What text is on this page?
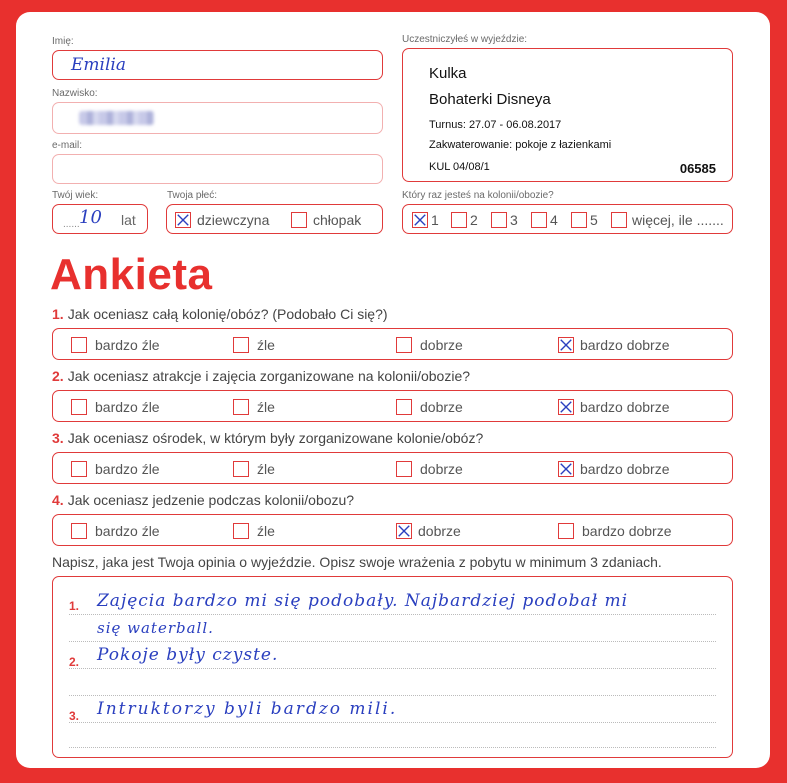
Imię:
Emilia
Nazwisko:
e-mail:
Twój wiek:
...... 10 lat
Twoja płeć:
dziewczyna	chłopak
Uczestniczyłeś w wyjeździe:
Kulka
Bohaterki Disneya
Turnus: 27.07 - 06.08.2017
Zakwaterowanie: pokoje z łazienkami
KUL 04/08/1	06585
Który raz jesteś na kolonii/obozie?
1	2	3	4	5	więcej, ile .......
Ankieta
1. Jak oceniasz całą kolonię/obóz? (Podobało Ci się?)
bardzo źle	źle	dobrze	bardzo dobrze
2. Jak oceniasz atrakcje i zajęcia zorganizowane na kolonii/obozie?
bardzo źle	źle	dobrze	bardzo dobrze
3. Jak oceniasz ośrodek, w którym były zorganizowane kolonie/obóz?
bardzo źle	źle	dobrze	bardzo dobrze
4. Jak oceniasz jedzenie podczas kolonii/obozu?
bardzo źle	źle	dobrze	bardzo dobrze
Napisz, jaka jest Twoja opinia o wyjeździe. Opisz swoje wrażenia z pobytu w minimum 3 zdaniach.
1. Zajęcia bardzo mi się podobały. Najbardziej podobał mi
się waterball.
2. Pokoje były czyste.
3. Intruktorzy byli bardzo mili.
